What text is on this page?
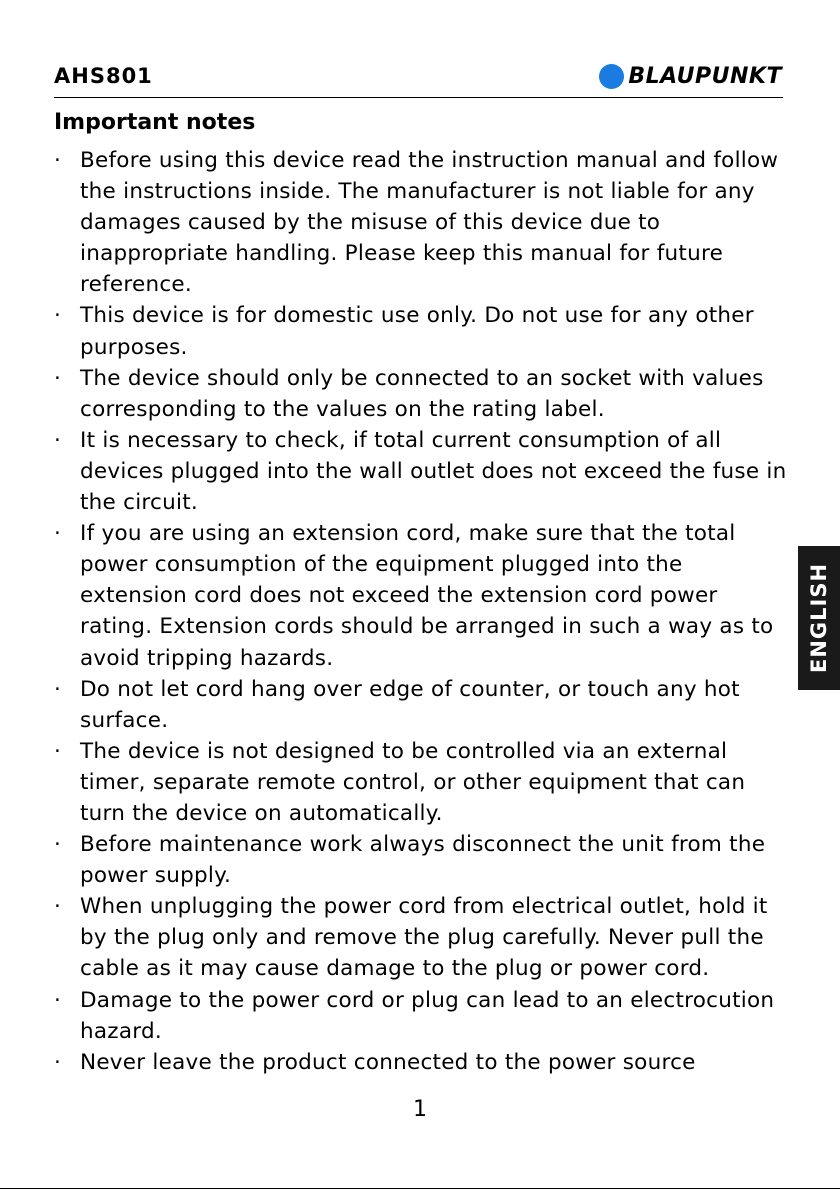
AHS801	BLAUPUNKT
Important notes
· Before using this device read the instruction manual and follow the instructions inside. The manufacturer is not liable for any damages caused by the misuse of this device due to inappropriate handling. Please keep this manual for future reference.
· This device is for domestic use only. Do not use for any other purposes.
· The device should only be connected to an socket with values corresponding to the values on the rating label.
· It is necessary to check, if total current consumption of all devices plugged into the wall outlet does not exceed the fuse in the circuit.
· If you are using an extension cord, make sure that the total power consumption of the equipment plugged into the extension cord does not exceed the extension cord power rating. Extension cords should be arranged in such a way as to avoid tripping hazards.
· Do not let cord hang over edge of counter, or touch any hot surface.
· The device is not designed to be controlled via an external timer, separate remote control, or other equipment that can turn the device on automatically.
· Before maintenance work always disconnect the unit from the power supply.
· When unplugging the power cord from electrical outlet, hold it by the plug only and remove the plug carefully. Never pull the cable as it may cause damage to the plug or power cord.
· Damage to the power cord or plug can lead to an electrocution hazard.
· Never leave the product connected to the power source
ENGLISH
1
